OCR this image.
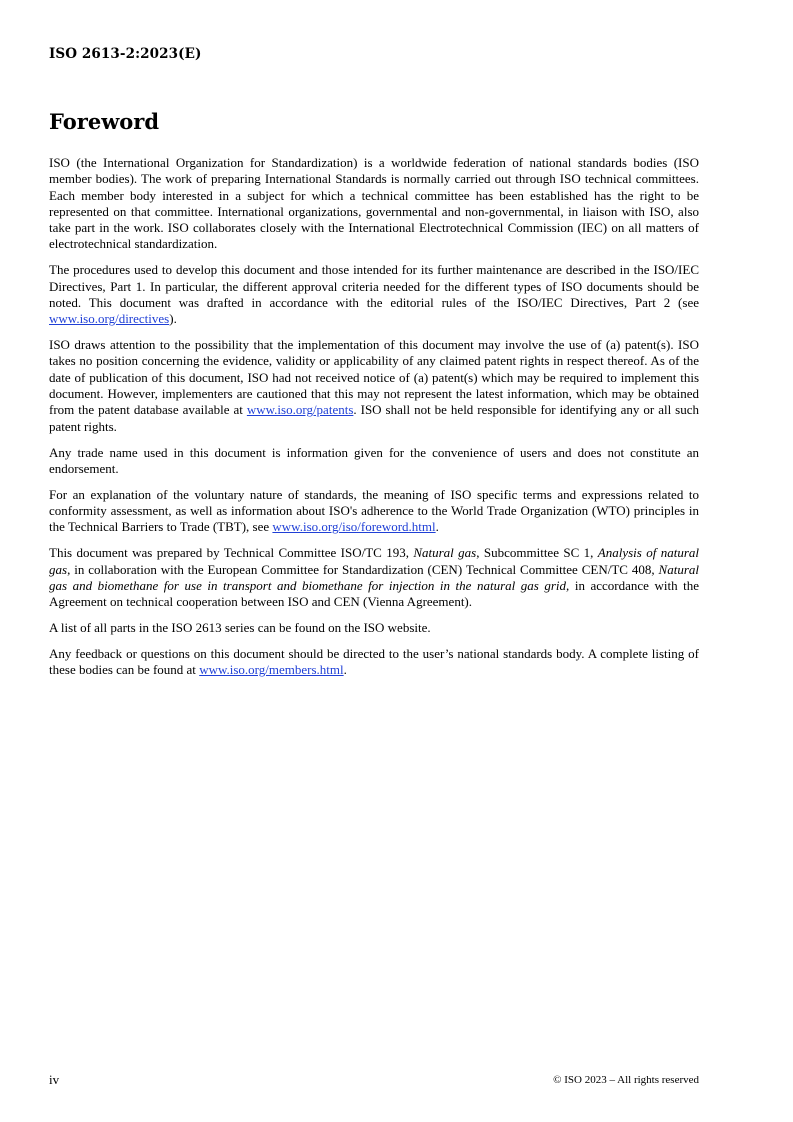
ISO 2613-2:2023(E)
Foreword

ISO (the International Organization for Standardization) is a worldwide federation of national standards bodies (ISO member bodies). The work of preparing International Standards is normally carried out through ISO technical committees. Each member body interested in a subject for which a technical committee has been established has the right to be represented on that committee. International organizations, governmental and non-governmental, in liaison with ISO, also take part in the work. ISO collaborates closely with the International Electrotechnical Commission (IEC) on all matters of electrotechnical standardization.

The procedures used to develop this document and those intended for its further maintenance are described in the ISO/IEC Directives, Part 1. In particular, the different approval criteria needed for the different types of ISO documents should be noted. This document was drafted in accordance with the editorial rules of the ISO/IEC Directives, Part 2 (see www.iso.org/directives).

ISO draws attention to the possibility that the implementation of this document may involve the use of (a) patent(s). ISO takes no position concerning the evidence, validity or applicability of any claimed patent rights in respect thereof. As of the date of publication of this document, ISO had not received notice of (a) patent(s) which may be required to implement this document. However, implementers are cautioned that this may not represent the latest information, which may be obtained from the patent database available at www.iso.org/patents. ISO shall not be held responsible for identifying any or all such patent rights.

Any trade name used in this document is information given for the convenience of users and does not constitute an endorsement.

For an explanation of the voluntary nature of standards, the meaning of ISO specific terms and expressions related to conformity assessment, as well as information about ISO's adherence to the World Trade Organization (WTO) principles in the Technical Barriers to Trade (TBT), see www.iso.org/iso/foreword.html.

This document was prepared by Technical Committee ISO/TC 193, Natural gas, Subcommittee SC 1, Analysis of natural gas, in collaboration with the European Committee for Standardization (CEN) Technical Committee CEN/TC 408, Natural gas and biomethane for use in transport and biomethane for injection in the natural gas grid, in accordance with the Agreement on technical cooperation between ISO and CEN (Vienna Agreement).

A list of all parts in the ISO 2613 series can be found on the ISO website.

Any feedback or questions on this document should be directed to the user’s national standards body. A complete listing of these bodies can be found at www.iso.org/members.html.

iv	© ISO 2023 – All rights reserved
